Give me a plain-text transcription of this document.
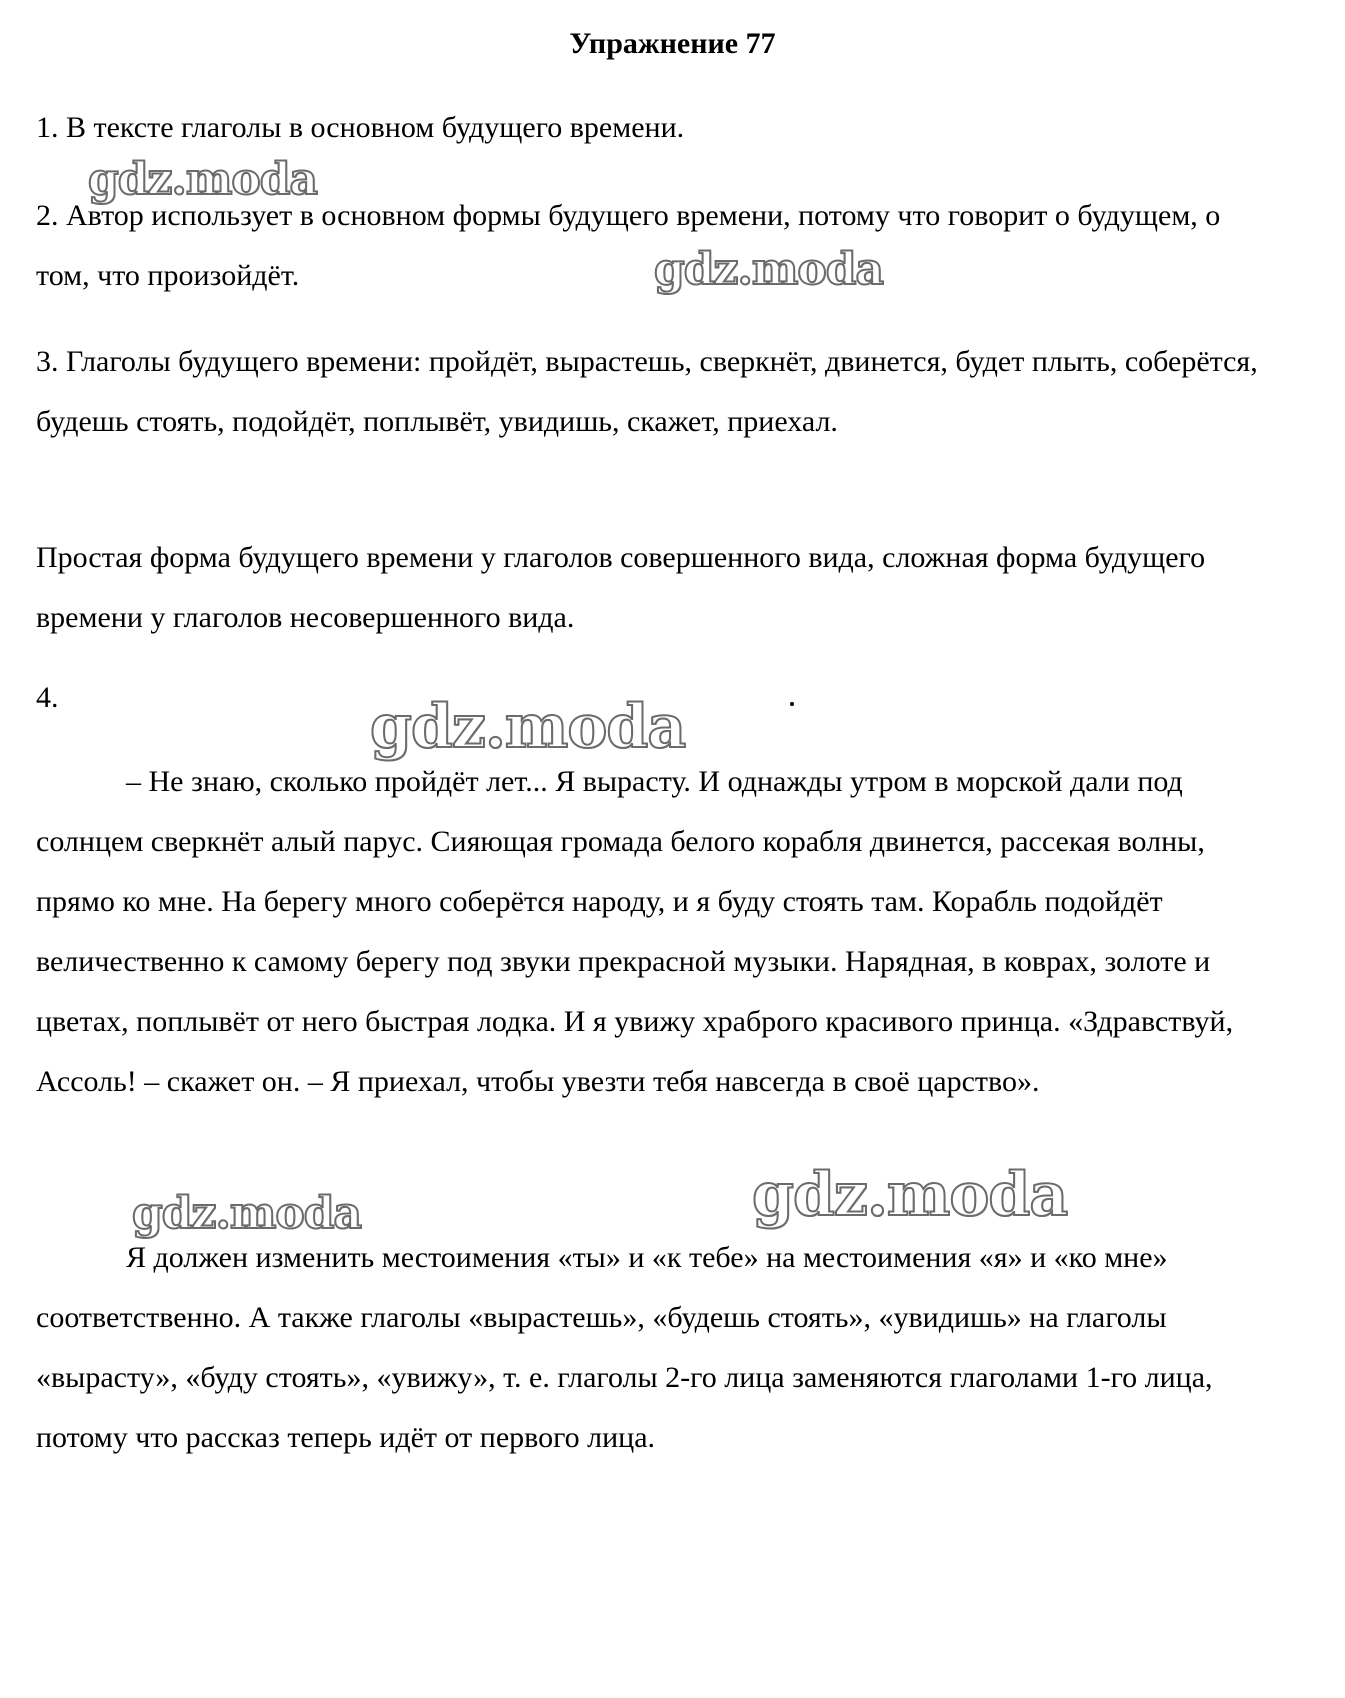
Упражнение 77
1. В тексте глаголы в основном будущего времени.
2. Автор использует в основном формы будущего времени, потому что говорит о будущем, о том, что произойдёт.
3. Глаголы будущего времени: пройдёт, вырастешь, сверкнёт, двинется, будет плыть, соберётся, будешь стоять, подойдёт, поплывёт, увидишь, скажет, приехал.
Простая форма будущего времени у глаголов совершенного вида, сложная форма будущего времени у глаголов несовершенного вида.
4.
– Не знаю, сколько пройдёт лет... Я вырасту. И однажды утром в морской дали под солнцем сверкнёт алый парус. Сияющая громада белого корабля двинется, рассекая волны, прямо ко мне. На берегу много соберётся народу, и я буду стоять там. Корабль подойдёт величественно к самому берегу под звуки прекрасной музыки. Нарядная, в коврах, золоте и цветах, поплывёт от него быстрая лодка. И я увижу храброго красивого принца. «Здравствуй, Ассоль! – скажет он. – Я приехал, чтобы увезти тебя навсегда в своё царство».
Я должен изменить местоимения «ты» и «к тебе» на местоимения «я» и «ко мне» соответственно. А также глаголы «вырастешь», «будешь стоять», «увидишь» на глаголы «вырасту», «буду стоять», «увижу», т. е. глаголы 2-го лица заменяются глаголами 1-го лица, потому что рассказ теперь идёт от первого лица.
gdz.moda
gdz.moda
gdz.moda
gdz.moda
gdz.moda
